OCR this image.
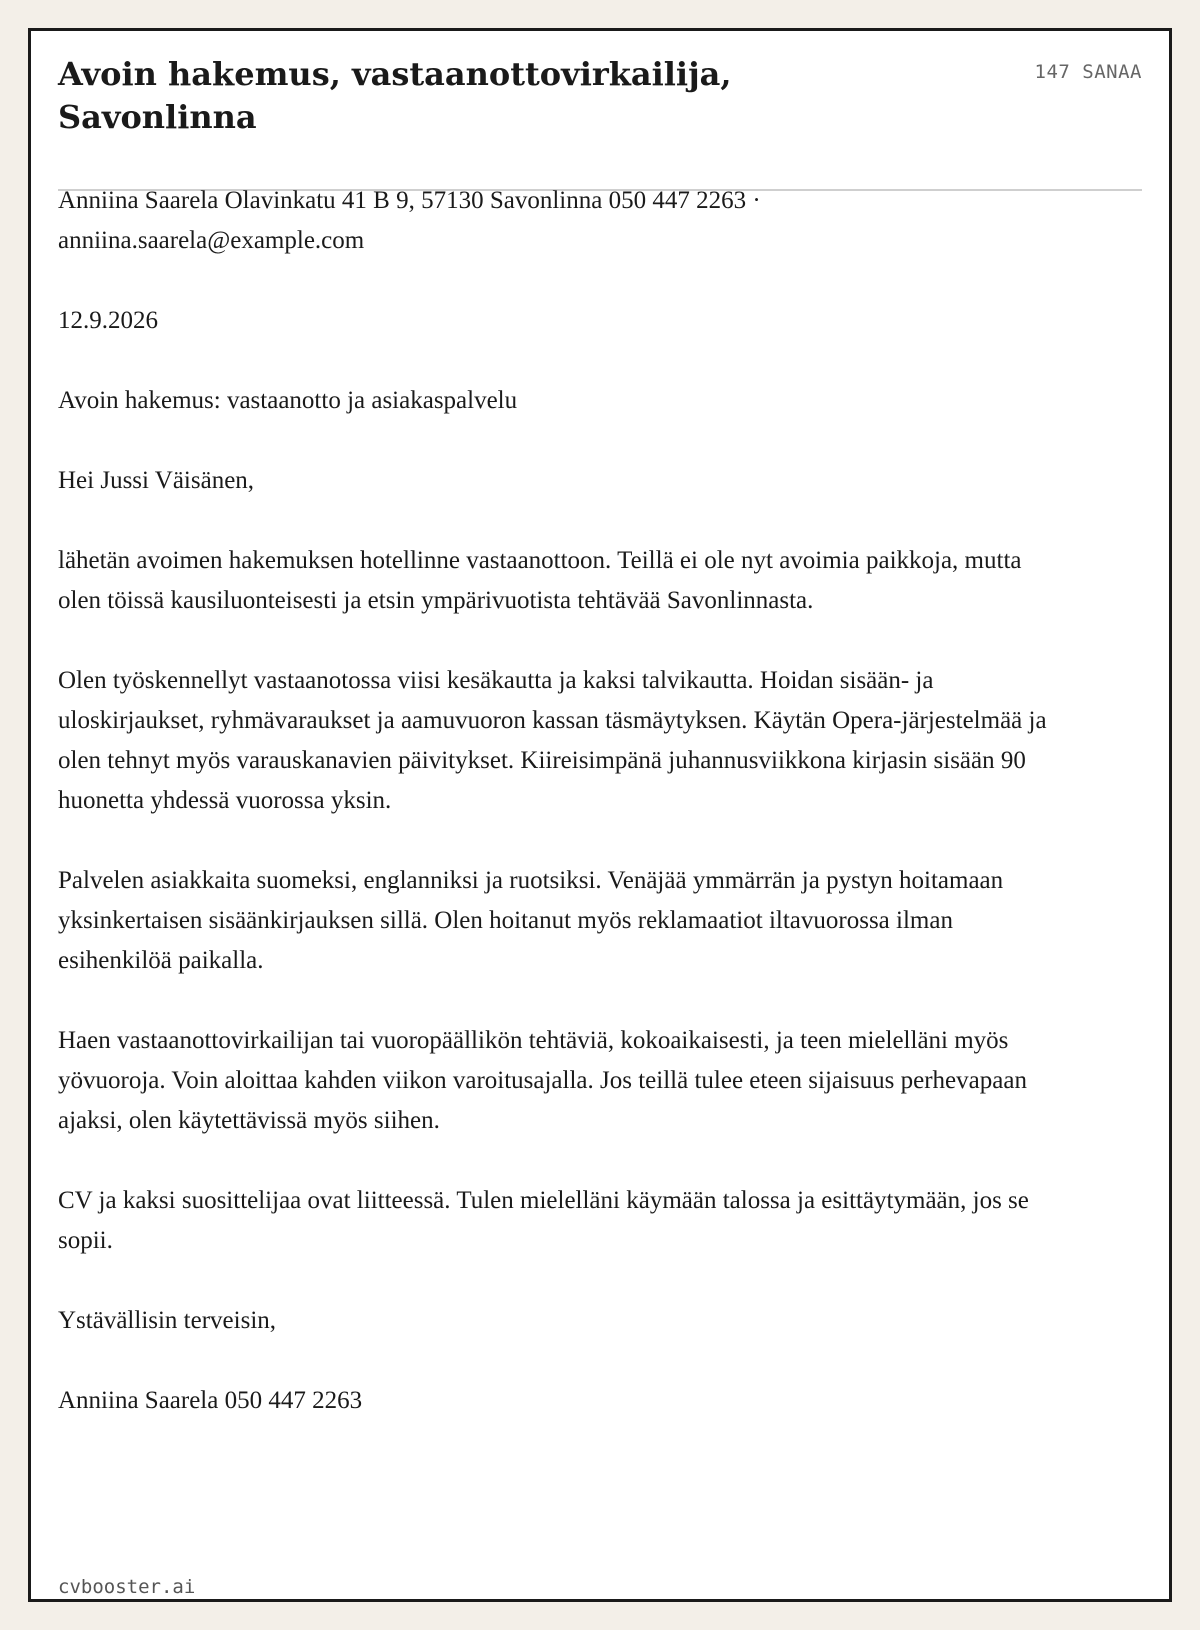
Avoin hakemus, vastaanottovirkailija, Savonlinna
147 SANAA

Anniina Saarela Olavinkatu 41 B 9, 57130 Savonlinna 050 447 2263 · anniina.saarela@example.com

12.9.2026

Avoin hakemus: vastaanotto ja asiakaspalvelu

Hei Jussi Väisänen,

lähetän avoimen hakemuksen hotellinne vastaanottoon. Teillä ei ole nyt avoimia paikkoja, mutta olen töissä kausiluonteisesti ja etsin ympärivuotista tehtävää Savonlinnasta.

Olen työskennellyt vastaanotossa viisi kesäkautta ja kaksi talvikautta. Hoidan sisään- ja uloskirjaukset, ryhmävaraukset ja aamuvuoron kassan täsmäytyksen. Käytän Opera-järjestelmää ja olen tehnyt myös varauskanavien päivitykset. Kiireisimpänä juhannusviikkona kirjasin sisään 90 huonetta yhdessä vuorossa yksin.

Palvelen asiakkaita suomeksi, englanniksi ja ruotsiksi. Venäjää ymmärrän ja pystyn hoitamaan yksinkertaisen sisäänkirjauksen sillä. Olen hoitanut myös reklamaatiot iltavuorossa ilman esihenkilöä paikalla.

Haen vastaanottovirkailijan tai vuoropäällikön tehtäviä, kokoaikaisesti, ja teen mielelläni myös yövuoroja. Voin aloittaa kahden viikon varoitusajalla. Jos teillä tulee eteen sijaisuus perhevapaan ajaksi, olen käytettävissä myös siihen.

CV ja kaksi suosittelijaa ovat liitteessä. Tulen mielelläni käymään talossa ja esittäytymään, jos se sopii.

Ystävällisin terveisin,

Anniina Saarela 050 447 2263

cvbooster.ai
